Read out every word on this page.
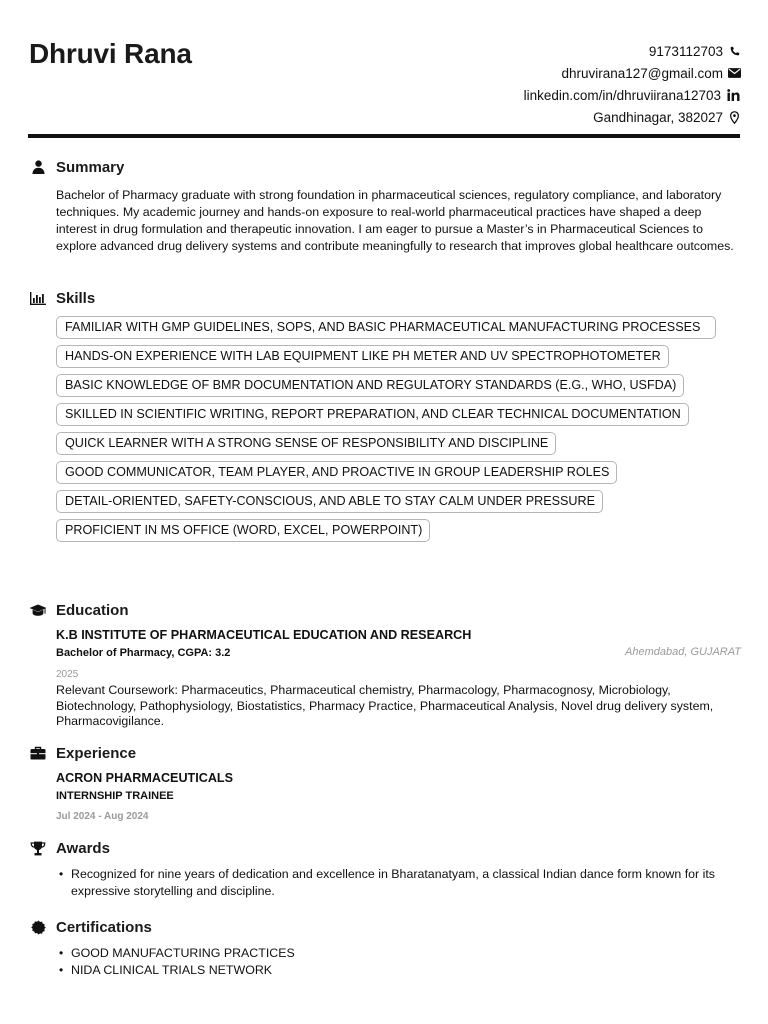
Dhruvi Rana	9173112703
dhruvirana127@gmail.com
linkedin.com/in/dhruviirana12703
Gandhinagar, 382027
Summary
Bachelor of Pharmacy graduate with strong foundation in pharmaceutical sciences, regulatory compliance, and laboratory techniques. My academic journey and hands-on exposure to real-world pharmaceutical practices have shaped a deep interest in drug formulation and therapeutic innovation. I am eager to pursue a Master’s in Pharmaceutical Sciences to explore advanced drug delivery systems and contribute meaningfully to research that improves global healthcare outcomes.
Skills
FAMILIAR WITH GMP GUIDELINES, SOPS, AND BASIC PHARMACEUTICAL MANUFACTURING PROCESSES
HANDS-ON EXPERIENCE WITH LAB EQUIPMENT LIKE PH METER AND UV SPECTROPHOTOMETER
BASIC KNOWLEDGE OF BMR DOCUMENTATION AND REGULATORY STANDARDS (E.G., WHO, USFDA)
SKILLED IN SCIENTIFIC WRITING, REPORT PREPARATION, AND CLEAR TECHNICAL DOCUMENTATION
QUICK LEARNER WITH A STRONG SENSE OF RESPONSIBILITY AND DISCIPLINE
GOOD COMMUNICATOR, TEAM PLAYER, AND PROACTIVE IN GROUP LEADERSHIP ROLES
DETAIL-ORIENTED, SAFETY-CONSCIOUS, AND ABLE TO STAY CALM UNDER PRESSURE
PROFICIENT IN MS OFFICE (WORD, EXCEL, POWERPOINT)
Education
K.B INSTITUTE OF PHARMACEUTICAL EDUCATION AND RESEARCH
Bachelor of Pharmacy, CGPA: 3.2	Ahemdabad, GUJARAT
2025
Relevant Coursework: Pharmaceutics, Pharmaceutical chemistry, Pharmacology, Pharmacognosy, Microbiology, Biotechnology, Pathophysiology, Biostatistics, Pharmacy Practice, Pharmaceutical Analysis, Novel drug delivery system, Pharmacovigilance.
Experience
ACRON PHARMACEUTICALS
INTERNSHIP TRAINEE
Jul 2024 - Aug 2024
Awards
• Recognized for nine years of dedication and excellence in Bharatanatyam, a classical Indian dance form known for its expressive storytelling and discipline.
Certifications
• GOOD MANUFACTURING PRACTICES
• NIDA CLINICAL TRIALS NETWORK
